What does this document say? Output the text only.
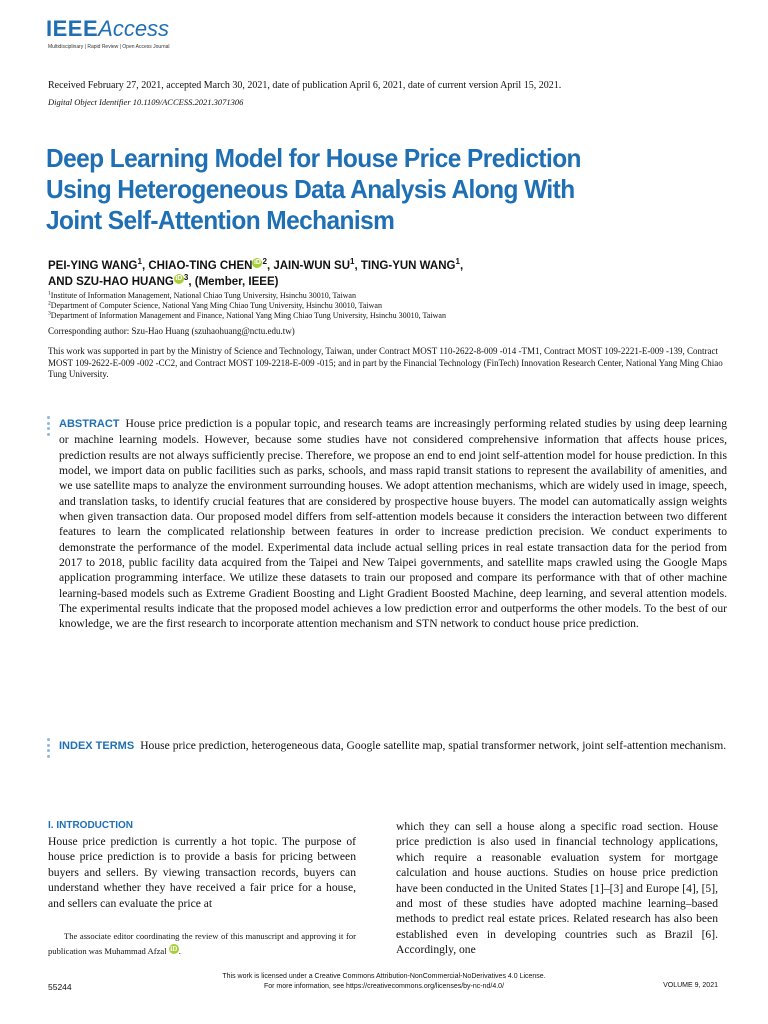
IEEEAccess
Multidisciplinary | Rapid Review | Open Access Journal
Received February 27, 2021, accepted March 30, 2021, date of publication April 6, 2021, date of current version April 15, 2021.
Digital Object Identifier 10.1109/ACCESS.2021.3071306
Deep Learning Model for House Price Prediction
Using Heterogeneous Data Analysis Along With
Joint Self-Attention Mechanism
PEI-YING WANG$^1$, CHIAO-TING CHEN iD $^2$, JAIN-WUN $SU^1$, TING-YUN WANG$^1$,
AND SZU-HAO HUANG iD $^3$, (Member, IEEE)
$^1$Institute of Information Management, National Chiao Tung University, Hsinchu 30010, Taiwan
$^2$Department of Computer Science, National Yang Ming Chiao Tung University, Hsinchu 30010, Taiwan
$^3$Department of Information Management and Finance, National Yang Ming Chiao Tung University, Hsinchu 30010, Taiwan
Corresponding author: Szu-Hao Huang (szuhaohuang@nctu.edu.tw)
This work was supported in part by the Ministry of Science and Technology, Taiwan, under Contract MOST 110-2622-8-009 -014 -TM1, Contract MOST 109-2221-E-009 -139, Contract MOST 109-2622-E-009 -002 -CC2, and Contract MOST 109-2218-E-009 -015; and in part by the Financial Technology (FinTech) Innovation Research Center, National Yang Ming Chiao Tung University.
ABSTRACT House price prediction is a popular topic, and research teams are increasingly performing related studies by using deep learning or machine learning models. However, because some studies have not considered comprehensive information that affects house prices, prediction results are not always sufficiently precise. Therefore, we propose an end to end joint self-attention model for house prediction. In this model, we import data on public facilities such as parks, schools, and mass rapid transit stations to represent the availability of amenities, and we use satellite maps to analyze the environment surrounding houses. We adopt attention mechanisms, which are widely used in image, speech, and translation tasks, to identify crucial features that are considered by prospective house buyers. The model can automatically assign weights when given transaction data. Our proposed model differs from self-attention models because it considers the interaction between two different features to learn the complicated relationship between features in order to increase prediction precision. We conduct experiments to demonstrate the performance of the model. Experimental data include actual selling prices in real estate transaction data for the period from 2017 to 2018, public facility data acquired from the Taipei and New Taipei governments, and satellite maps crawled using the Google Maps application programming interface. We utilize these datasets to train our proposed and compare its performance with that of other machine learning-based models such as Extreme Gradient Boosting and Light Gradient Boosted Machine, deep learning, and several attention models. The experimental results indicate that the proposed model achieves a low prediction error and outperforms the other models. To the best of our knowledge, we are the first research to incorporate attention mechanism and STN network to conduct house price prediction.
INDEX TERMS House price prediction, heterogeneous data, Google satellite map, spatial transformer network, joint self-attention mechanism.
I. INTRODUCTION
House price prediction is currently a hot topic. The purpose of house price prediction is to provide a basis for pricing between buyers and sellers. By viewing transaction records, buyers can understand whether they have received a fair price for a house, and sellers can evaluate the price at
The associate editor coordinating the review of this manuscript and approving it for publication was Muhammad Afzal iD .
which they can sell a house along a specific road section. House price prediction is also used in financial technology applications, which require a reasonable evaluation system for mortgage calculation and house auctions. Studies on house price prediction have been conducted in the United States [1]–[3] and Europe [4], [5], and most of these studies have adopted machine learning–based methods to predict real estate prices. Related research has also been established even in developing countries such as Brazil [6]. Accordingly, one
55244
This work is licensed under a Creative Commons Attribution-NonCommercial-NoDerivatives 4.0 License.
For more information, see https://creativecommons.org/licenses/by-nc-nd/4.0/	VOLUME 9, 2021
